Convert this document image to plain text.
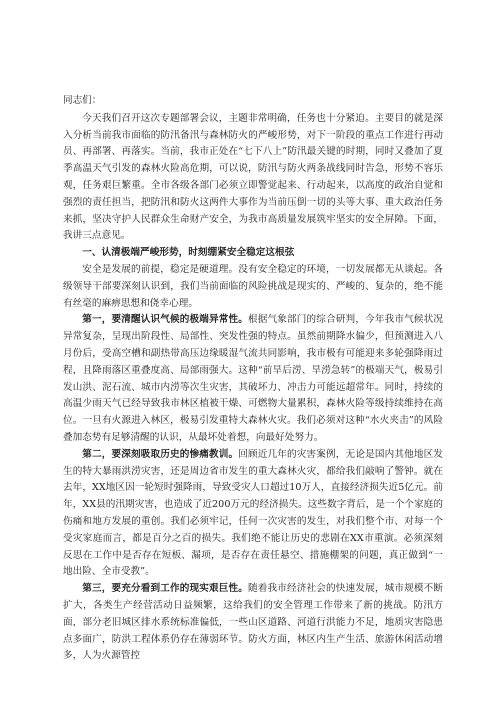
同志们：

今天我们召开这次专题部署会议，主题非常明确，任务也十分紧迫。主要目的就是深入分析当前我市面临的防汛备汛与森林防火的严峻形势，对下一阶段的重点工作进行再动员、再部署、再落实。当前，我市正处在“七下八上”防汛最关键的时期，同时又叠加了夏季高温天气引发的森林火险高危期，可以说，防汛与防火两条战线同时告急，形势不容乐观，任务艰巨繁重。全市各级各部门必须立即警觉起来、行动起来，以高度的政治自觉和强烈的责任担当，把防汛和防火这两件大事作为当前压倒一切的头等大事、重大政治任务来抓，坚决守护人民群众生命财产安全，为我市高质量发展筑牢坚实的安全屏障。下面，我讲三点意见。

一、认清极端严峻形势，时刻绷紧安全稳定这根弦

安全是发展的前提，稳定是硬道理。没有安全稳定的环境，一切发展都无从谈起。各级领导干部要深刻认识到，我们当前面临的风险挑战是现实的、严峻的、复杂的，绝不能有丝毫的麻痹思想和侥幸心理。

第一，要清醒认识气候的极端异常性。根据气象部门的综合研判，今年我市气候状况异常复杂，呈现出阶段性、局部性、突发性强的特点。虽然前期降水偏少，但预测进入八月份后，受高空槽和副热带高压边缘暖湿气流共同影响，我市极有可能迎来多轮强降雨过程，且降雨落区重叠度高、局部雨强大。这种“前旱后涝、旱涝急转”的极端天气，极易引发山洪、泥石流、城市内涝等次生灾害，其破坏力、冲击力可能远超常年。同时，持续的高温少雨天气已经导致我市林区植被干燥、可燃物大量累积，森林火险等级持续维持在高位。一旦有火源进入林区，极易引发重特大森林火灾。我们必须对这种“水火夹击”的风险叠加态势有足够清醒的认识，从最坏处着想，向最好处努力。

第二，要深刻吸取历史的惨痛教训。回顾近几年的灾害案例，无论是国内其他地区发生的特大暴雨洪涝灾害，还是周边省市发生的重大森林火灾，都给我们敲响了警钟。就在去年，XX地区因一轮短时强降雨，导致受灾人口超过10万人，直接经济损失近5亿元。前年，XX县的汛期灾害，也造成了近200万元的经济损失。这些数字背后，是一个个家庭的伤痛和地方发展的重创。我们必须牢记，任何一次灾害的发生，对我们整个市、对每一个受灾家庭而言，都是百分之百的损失。我们绝不能让历史的悲剧在XX市重演。必须深刻反思在工作中是否存在短板、漏项，是否存在责任悬空、措施棚架的问题，真正做到“一地出险、全市受教”。

第三，要充分看到工作的现实艰巨性。随着我市经济社会的快速发展，城市规模不断扩大，各类生产经营活动日益频繁，这给我们的安全管理工作带来了新的挑战。防汛方面，部分老旧城区排水系统标准偏低，一些山区道路、河道行洪能力不足，地质灾害隐患点多面广，防洪工程体系仍存在薄弱环节。防火方面，林区内生产生活、旅游休闲活动增多，人为火源管控
